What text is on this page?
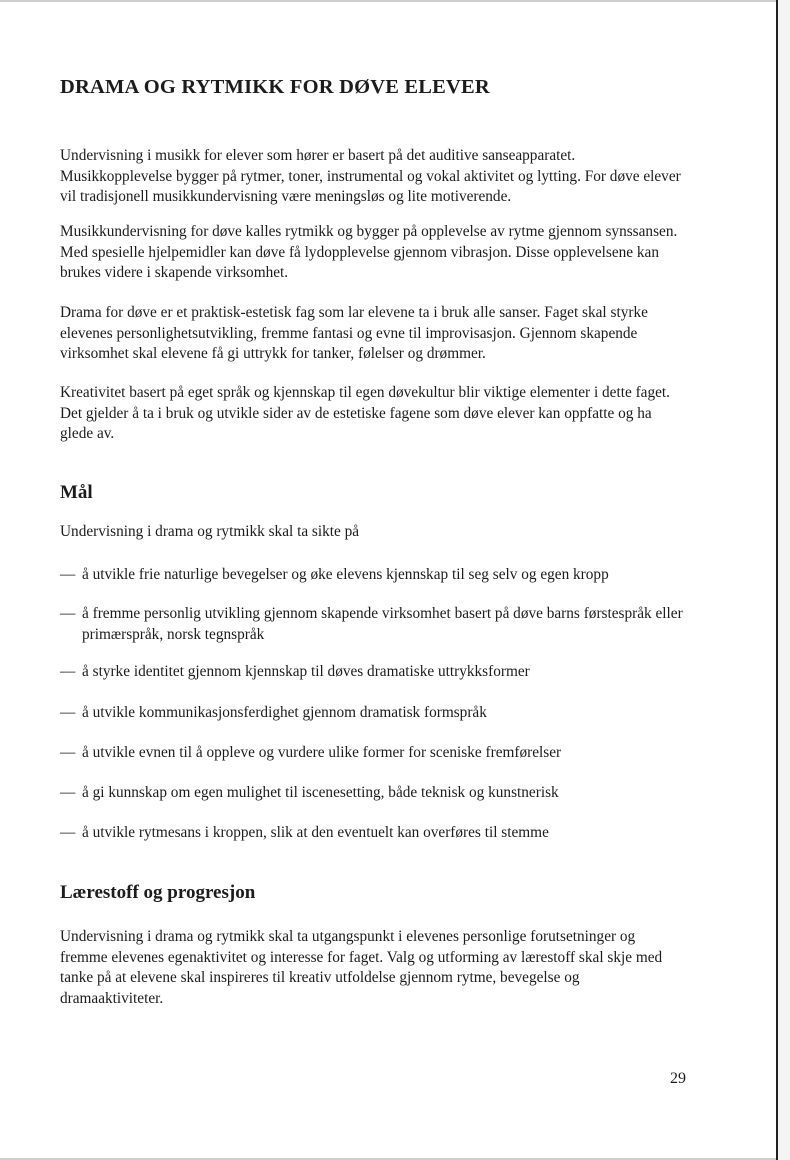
DRAMA OG RYTMIKK FOR DØVE ELEVER

Undervisning i musikk for elever som hører er basert på det auditive sanseapparatet. Musikkopplevelse bygger på rytmer, toner, instrumental og vokal aktivitet og lytting. For døve elever vil tradisjonell musikkundervisning være meningsløs og lite motiverende.

Musikkundervisning for døve kalles rytmikk og bygger på opplevelse av rytme gjennom synssansen. Med spesielle hjelpemidler kan døve få lydopplevelse gjennom vibrasjon. Disse opplevelsene kan brukes videre i skapende virksomhet.

Drama for døve er et praktisk-estetisk fag som lar elevene ta i bruk alle sanser. Faget skal styrke elevenes personlighetsutvikling, fremme fantasi og evne til improvisasjon. Gjennom skapende virksomhet skal elevene få gi uttrykk for tanker, følelser og drømmer.

Kreativitet basert på eget språk og kjennskap til egen døvekultur blir viktige elementer i dette faget. Det gjelder å ta i bruk og utvikle sider av de estetiske fagene som døve elever kan oppfatte og ha glede av.

Mål

Undervisning i drama og rytmikk skal ta sikte på

— å utvikle frie naturlige bevegelser og øke elevens kjennskap til seg selv og egen kropp
— å fremme personlig utvikling gjennom skapende virksomhet basert på døve barns førstespråk eller primærspråk, norsk tegnspråk
— å styrke identitet gjennom kjennskap til døves dramatiske uttrykksformer
— å utvikle kommunikasjonsferdighet gjennom dramatisk formspråk
— å utvikle evnen til å oppleve og vurdere ulike former for sceniske fremførelser
— å gi kunnskap om egen mulighet til iscenesetting, både teknisk og kunstnerisk
— å utvikle rytmesans i kroppen, slik at den eventuelt kan overføres til stemme
Lærestoff og progresjon

Undervisning i drama og rytmikk skal ta utgangspunkt i elevenes personlige forutsetninger og fremme elevenes egenaktivitet og interesse for faget. Valg og utforming av lærestoff skal skje med tanke på at elevene skal inspireres til kreativ utfoldelse gjennom rytme, bevegelse og dramaaktiviteter.

29
